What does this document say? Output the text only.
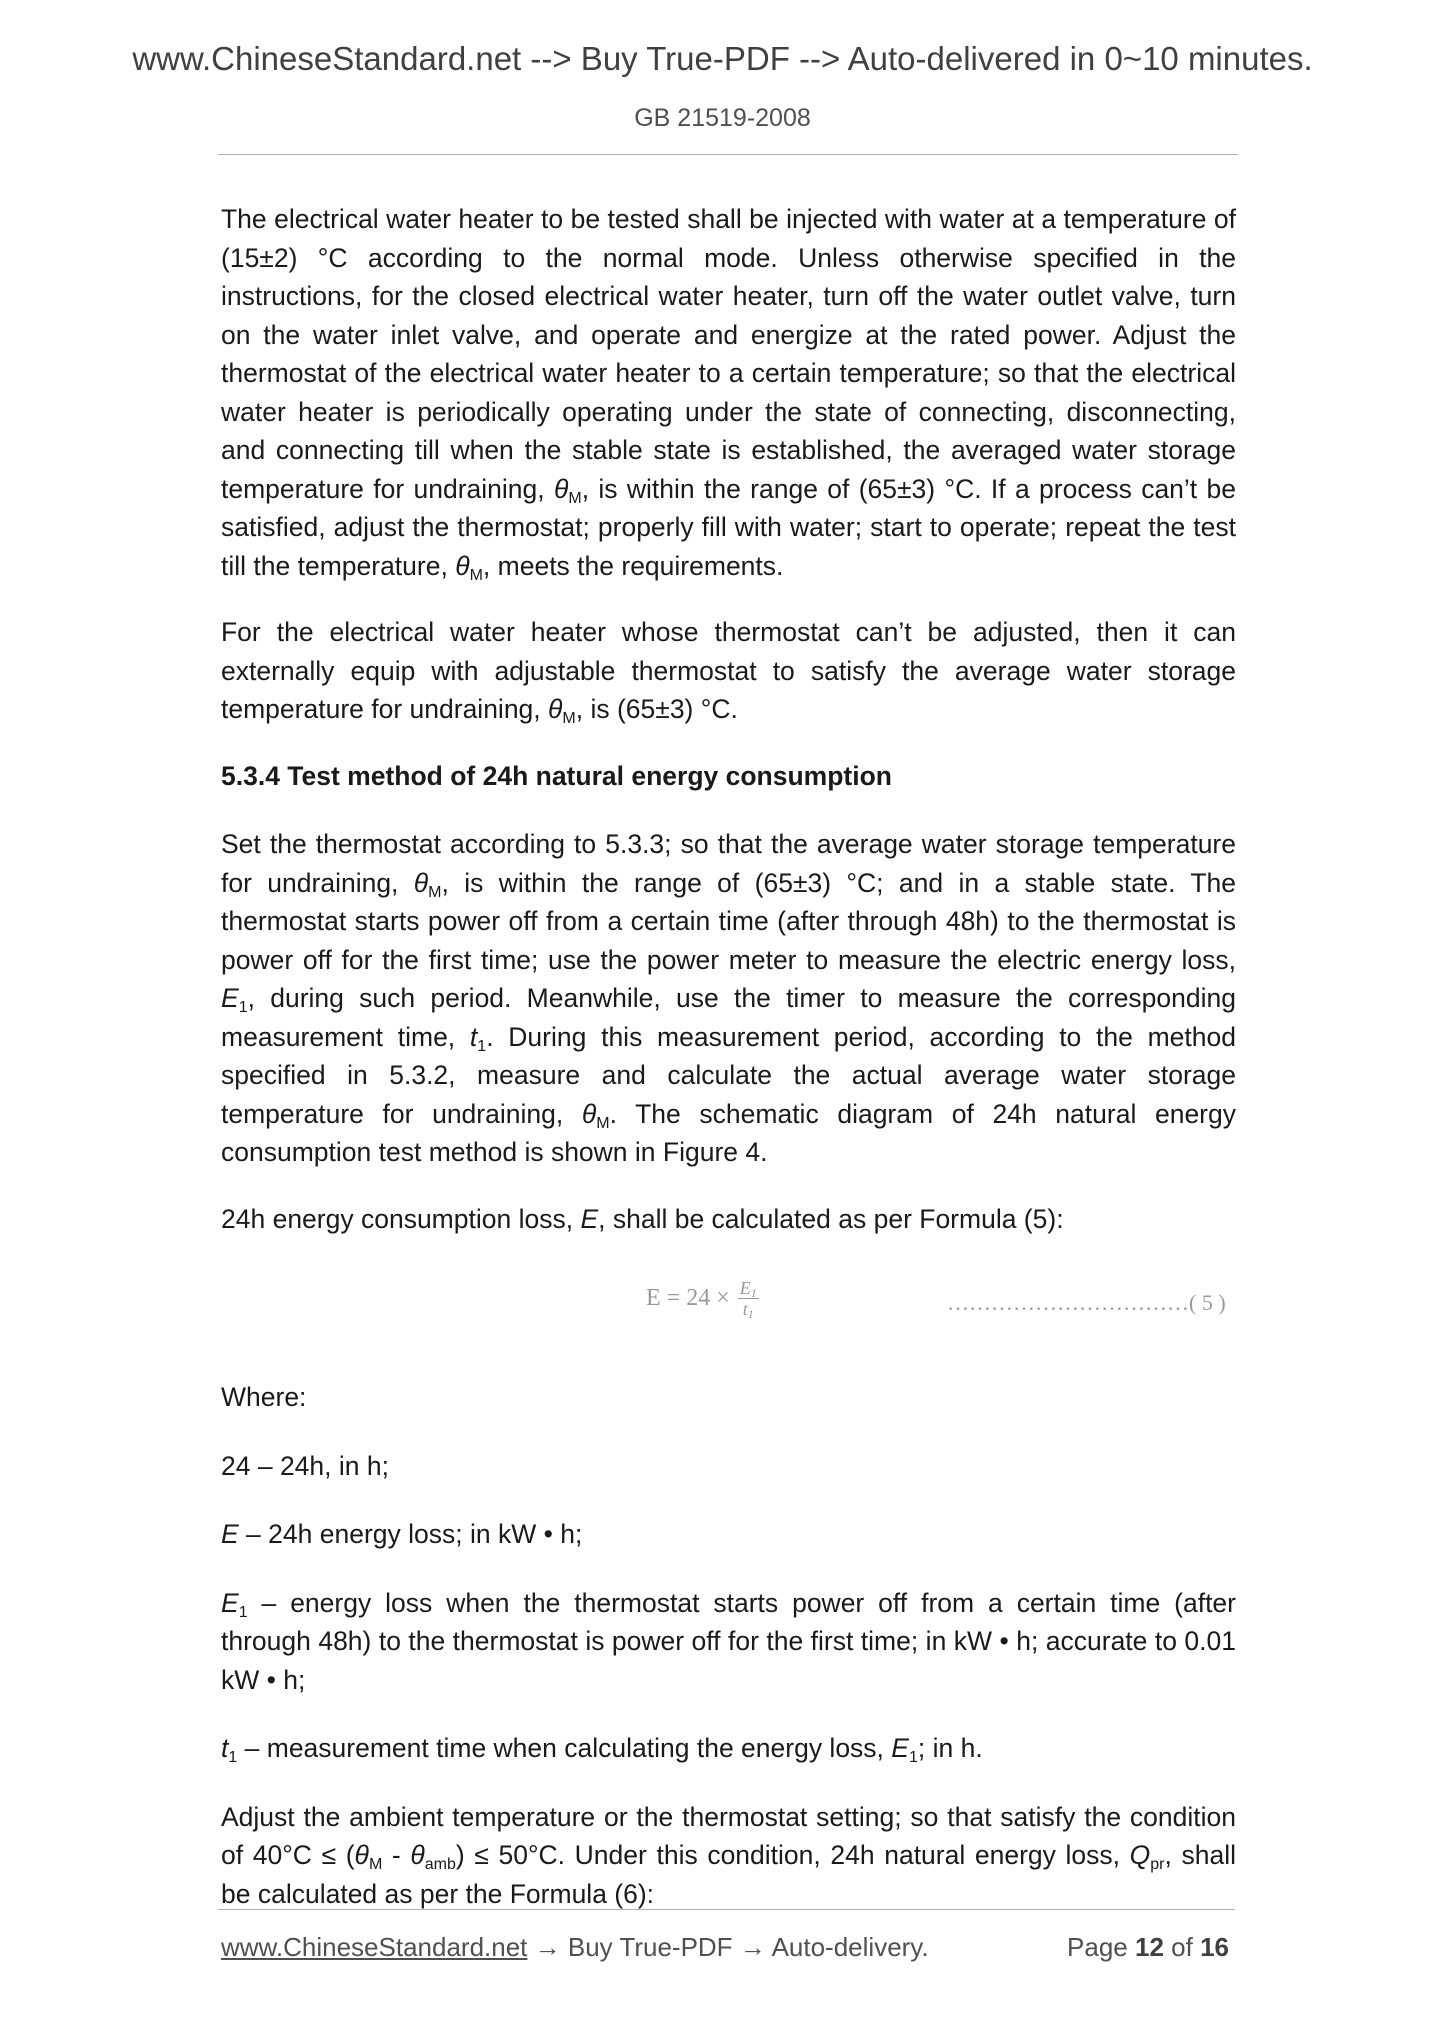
www.ChineseStandard.net --> Buy True-PDF --> Auto-delivered in 0~10 minutes.
GB 21519-2008

The electrical water heater to be tested shall be injected with water at a temperature of (15±2) °C according to the normal mode. Unless otherwise specified in the instructions, for the closed electrical water heater, turn off the water outlet valve, turn on the water inlet valve, and operate and energize at the rated power. Adjust the thermostat of the electrical water heater to a certain temperature; so that the electrical water heater is periodically operating under the state of connecting, disconnecting, and connecting till when the stable state is established, the averaged water storage temperature for undraining, $\theta_M$, is within the range of (65±3) °C. If a process can’t be satisfied, adjust the thermostat; properly fill with water; start to operate; repeat the test till the temperature, $\theta_M$, meets the requirements.

For the electrical water heater whose thermostat can’t be adjusted, then it can externally equip with adjustable thermostat to satisfy the average water storage temperature for undraining, $\theta_M$, is (65±3) °C.

5.3.4 Test method of 24h natural energy consumption

Set the thermostat according to 5.3.3; so that the average water storage temperature for undraining, $\theta_M$, is within the range of (65±3) °C; and in a stable state. The thermostat starts power off from a certain time (after through 48h) to the thermostat is power off for the first time; use the power meter to measure the electric energy loss, $E_1$, during such period. Meanwhile, use the timer to measure the corresponding measurement time, $t_1$. During this measurement period, according to the method specified in 5.3.2, measure and calculate the actual average water storage temperature for undraining, $\theta_M$. The schematic diagram of 24h natural energy consumption test method is shown in Figure 4.

24h energy consumption loss, E, shall be calculated as per Formula (5):

$E = 24 \times \frac{E_1}{t_1}$	……………………………( 5 )

Where:

24 – 24h, in h;

E – 24h energy loss; in kW • h;

$E_1$ – energy loss when the thermostat starts power off from a certain time (after through 48h) to the thermostat is power off for the first time; in kW • h; accurate to 0.01 kW • h;

$t_1$ – measurement time when calculating the energy loss, $E_1$; in h.

Adjust the ambient temperature or the thermostat setting; so that satisfy the condition of $40^\circ C \le (\theta_M - \theta_{amb}) \le 50^\circ C$. Under this condition, 24h natural energy loss, $Q_{pr}$, shall be calculated as per the Formula (6):

www.ChineseStandard.net → Buy True-PDF → Auto-delivery.	Page 12 of 16
